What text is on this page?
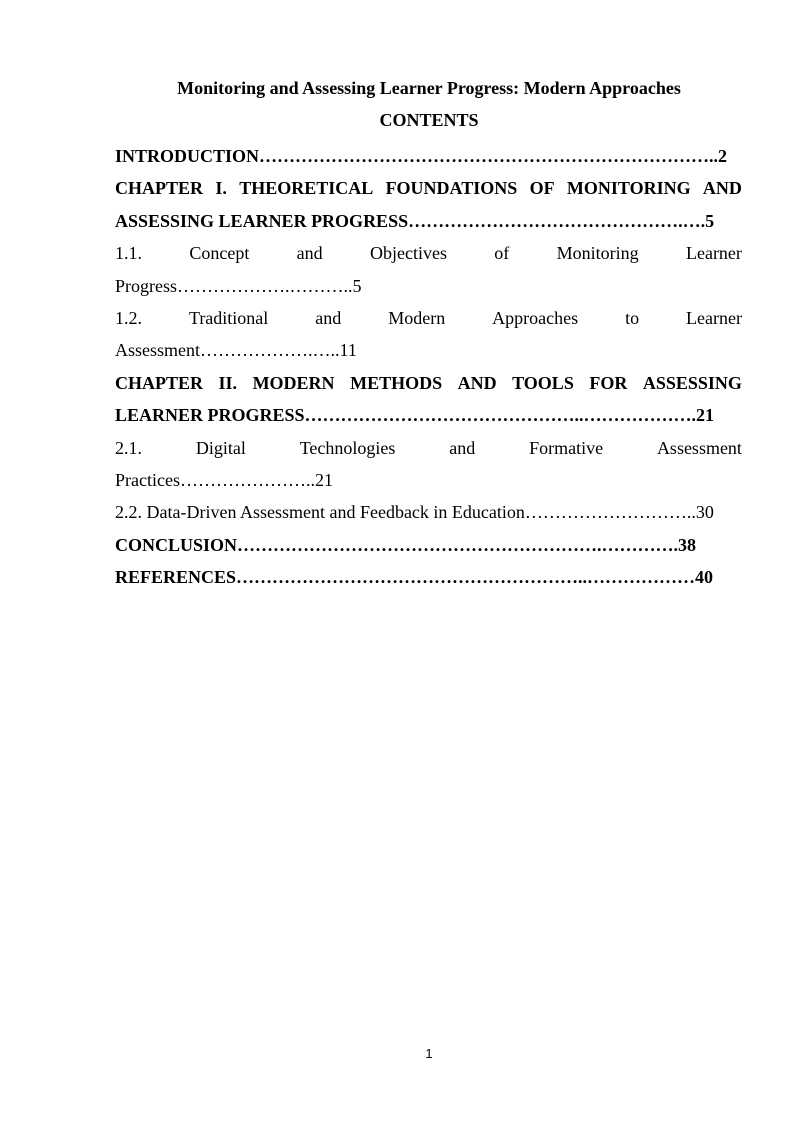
Monitoring and Assessing Learner Progress: Modern Approaches
CONTENTS
INTRODUCTION…………………………………………………………………..2
CHAPTER I. THEORETICAL FOUNDATIONS OF MONITORING AND
ASSESSING LEARNER PROGRESS……………………………………….….5
1.1.	Concept	and	Objectives	of	Monitoring	Learner
Progress……………….………..5
1.2.	Traditional	and	Modern	Approaches	to	Learner
Assessment……………….…..11
CHAPTER II. MODERN METHODS AND TOOLS FOR ASSESSING
LEARNER PROGRESS………………………………………..……………….21
2.1.	Digital	Technologies	and	Formative	Assessment
Practices…………………..21
2.2. Data-Driven Assessment and Feedback in Education………………………..30
CONCLUSION…………………………………………………….………….38
REFERENCES…………………………………………………..………………40
1
